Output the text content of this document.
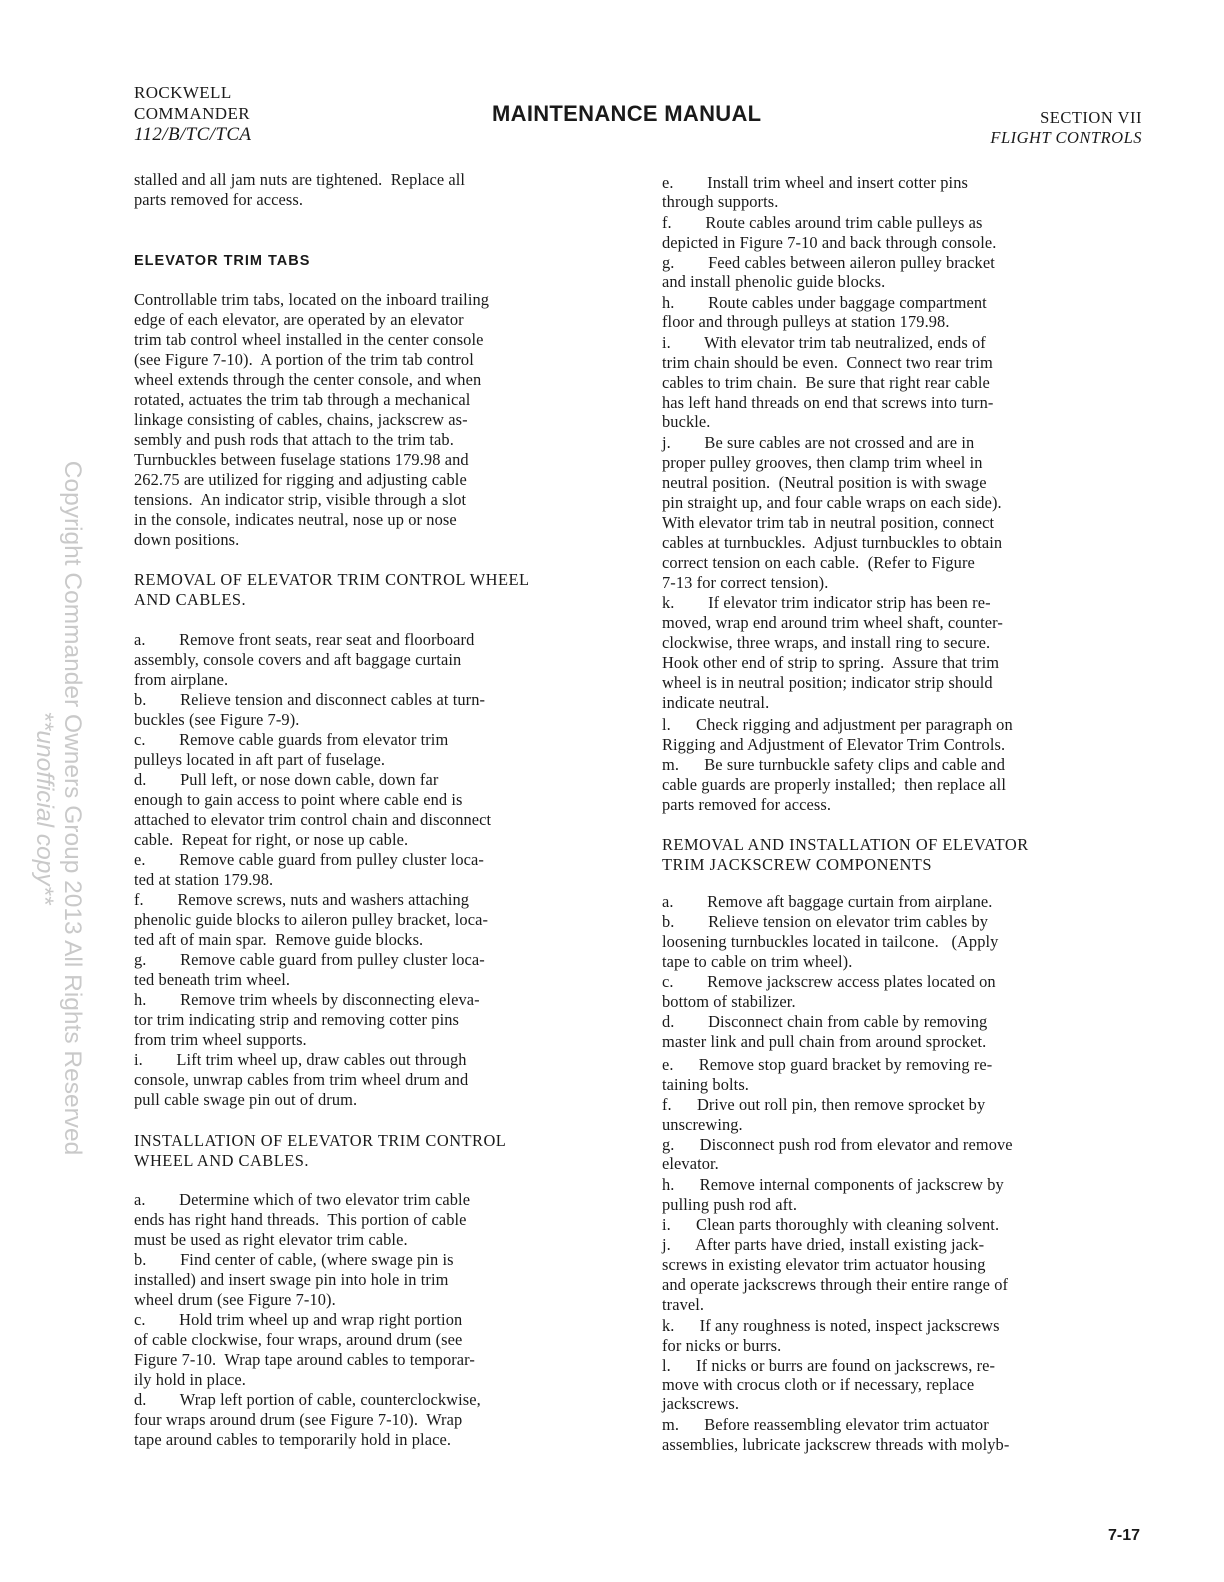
ROCKWELL
COMMANDER
112/B/TC/TCA
MAINTENANCE MANUAL	SECTION VII
FLIGHT CONTROLS
stalled and all jam nuts are tightened.  Replace all
parts removed for access.
ELEVATOR TRIM TABS
Controllable trim tabs, located on the inboard trailing
edge of each elevator, are operated by an elevator
trim tab control wheel installed in the center console
(see Figure 7-10).  A portion of the trim tab control
wheel extends through the center console, and when
rotated, actuates the trim tab through a mechanical
linkage consisting of cables, chains, jackscrew as-
sembly and push rods that attach to the trim tab.
Turnbuckles between fuselage stations 179.98 and
262.75 are utilized for rigging and adjusting cable
tensions.  An indicator strip, visible through a slot
in the console, indicates neutral, nose up or nose
down positions.
REMOVAL OF ELEVATOR TRIM CONTROL WHEEL
AND CABLES.
a.        Remove front seats, rear seat and floorboard
assembly, console covers and aft baggage curtain
from airplane.
b.        Relieve tension and disconnect cables at turn-
buckles (see Figure 7-9).
c.        Remove cable guards from elevator trim
pulleys located in aft part of fuselage.
d.        Pull left, or nose down cable, down far
enough to gain access to point where cable end is
attached to elevator trim control chain and disconnect
cable.  Repeat for right, or nose up cable.
e.        Remove cable guard from pulley cluster loca-
ted at station 179.98.
f.        Remove screws, nuts and washers attaching
phenolic guide blocks to aileron pulley bracket, loca-
ted aft of main spar.  Remove guide blocks.
g.        Remove cable guard from pulley cluster loca-
ted beneath trim wheel.
h.        Remove trim wheels by disconnecting eleva-
tor trim indicating strip and removing cotter pins
from trim wheel supports.
i.        Lift trim wheel up, draw cables out through
console, unwrap cables from trim wheel drum and
pull cable swage pin out of drum.
INSTALLATION OF ELEVATOR TRIM CONTROL
WHEEL AND CABLES.
a.        Determine which of two elevator trim cable
ends has right hand threads.  This portion of cable
must be used as right elevator trim cable.
b.        Find center of cable, (where swage pin is
installed) and insert swage pin into hole in trim
wheel drum (see Figure 7-10).
c.        Hold trim wheel up and wrap right portion
of cable clockwise, four wraps, around drum (see
Figure 7-10.  Wrap tape around cables to temporar-
ily hold in place.
d.        Wrap left portion of cable, counterclockwise,
four wraps around drum (see Figure 7-10).  Wrap
tape around cables to temporarily hold in place.
e.        Install trim wheel and insert cotter pins
through supports.
f.        Route cables around trim cable pulleys as
depicted in Figure 7-10 and back through console.
g.        Feed cables between aileron pulley bracket
and install phenolic guide blocks.
h.        Route cables under baggage compartment
floor and through pulleys at station 179.98.
i.        With elevator trim tab neutralized, ends of
trim chain should be even.  Connect two rear trim
cables to trim chain.  Be sure that right rear cable
has left hand threads on end that screws into turn-
buckle.
j.        Be sure cables are not crossed and are in
proper pulley grooves, then clamp trim wheel in
neutral position.  (Neutral position is with swage
pin straight up, and four cable wraps on each side).
With elevator trim tab in neutral position, connect
cables at turnbuckles.  Adjust turnbuckles to obtain
correct tension on each cable.  (Refer to Figure
7-13 for correct tension).
k.        If elevator trim indicator strip has been re-
moved, wrap end around trim wheel shaft, counter-
clockwise, three wraps, and install ring to secure.
Hook other end of strip to spring.  Assure that trim
wheel is in neutral position; indicator strip should
indicate neutral.
l.      Check rigging and adjustment per paragraph on
Rigging and Adjustment of Elevator Trim Controls.
m.      Be sure turnbuckle safety clips and cable and
cable guards are properly installed;  then replace all
parts removed for access.
REMOVAL AND INSTALLATION OF ELEVATOR
TRIM JACKSCREW COMPONENTS
a.        Remove aft baggage curtain from airplane.
b.        Relieve tension on elevator trim cables by
loosening turnbuckles located in tailcone.   (Apply
tape to cable on trim wheel).
c.        Remove jackscrew access plates located on
bottom of stabilizer.
d.        Disconnect chain from cable by removing
master link and pull chain from around sprocket.
e.      Remove stop guard bracket by removing re-
taining bolts.
f.      Drive out roll pin, then remove sprocket by
unscrewing.
g.      Disconnect push rod from elevator and remove
elevator.
h.      Remove internal components of jackscrew by
pulling push rod aft.
i.      Clean parts thoroughly with cleaning solvent.
j.      After parts have dried, install existing jack-
screws in existing elevator trim actuator housing
and operate jackscrews through their entire range of
travel.
k.      If any roughness is noted, inspect jackscrews
for nicks or burrs.
l.      If nicks or burrs are found on jackscrews, re-
move with crocus cloth or if necessary, replace
jackscrews.
m.      Before reassembling elevator trim actuator
assemblies, lubricate jackscrew threads with molyb-
Copyright Commander Owners Group 2013 All Rights Reserved
**unofficial copy**
7-17
